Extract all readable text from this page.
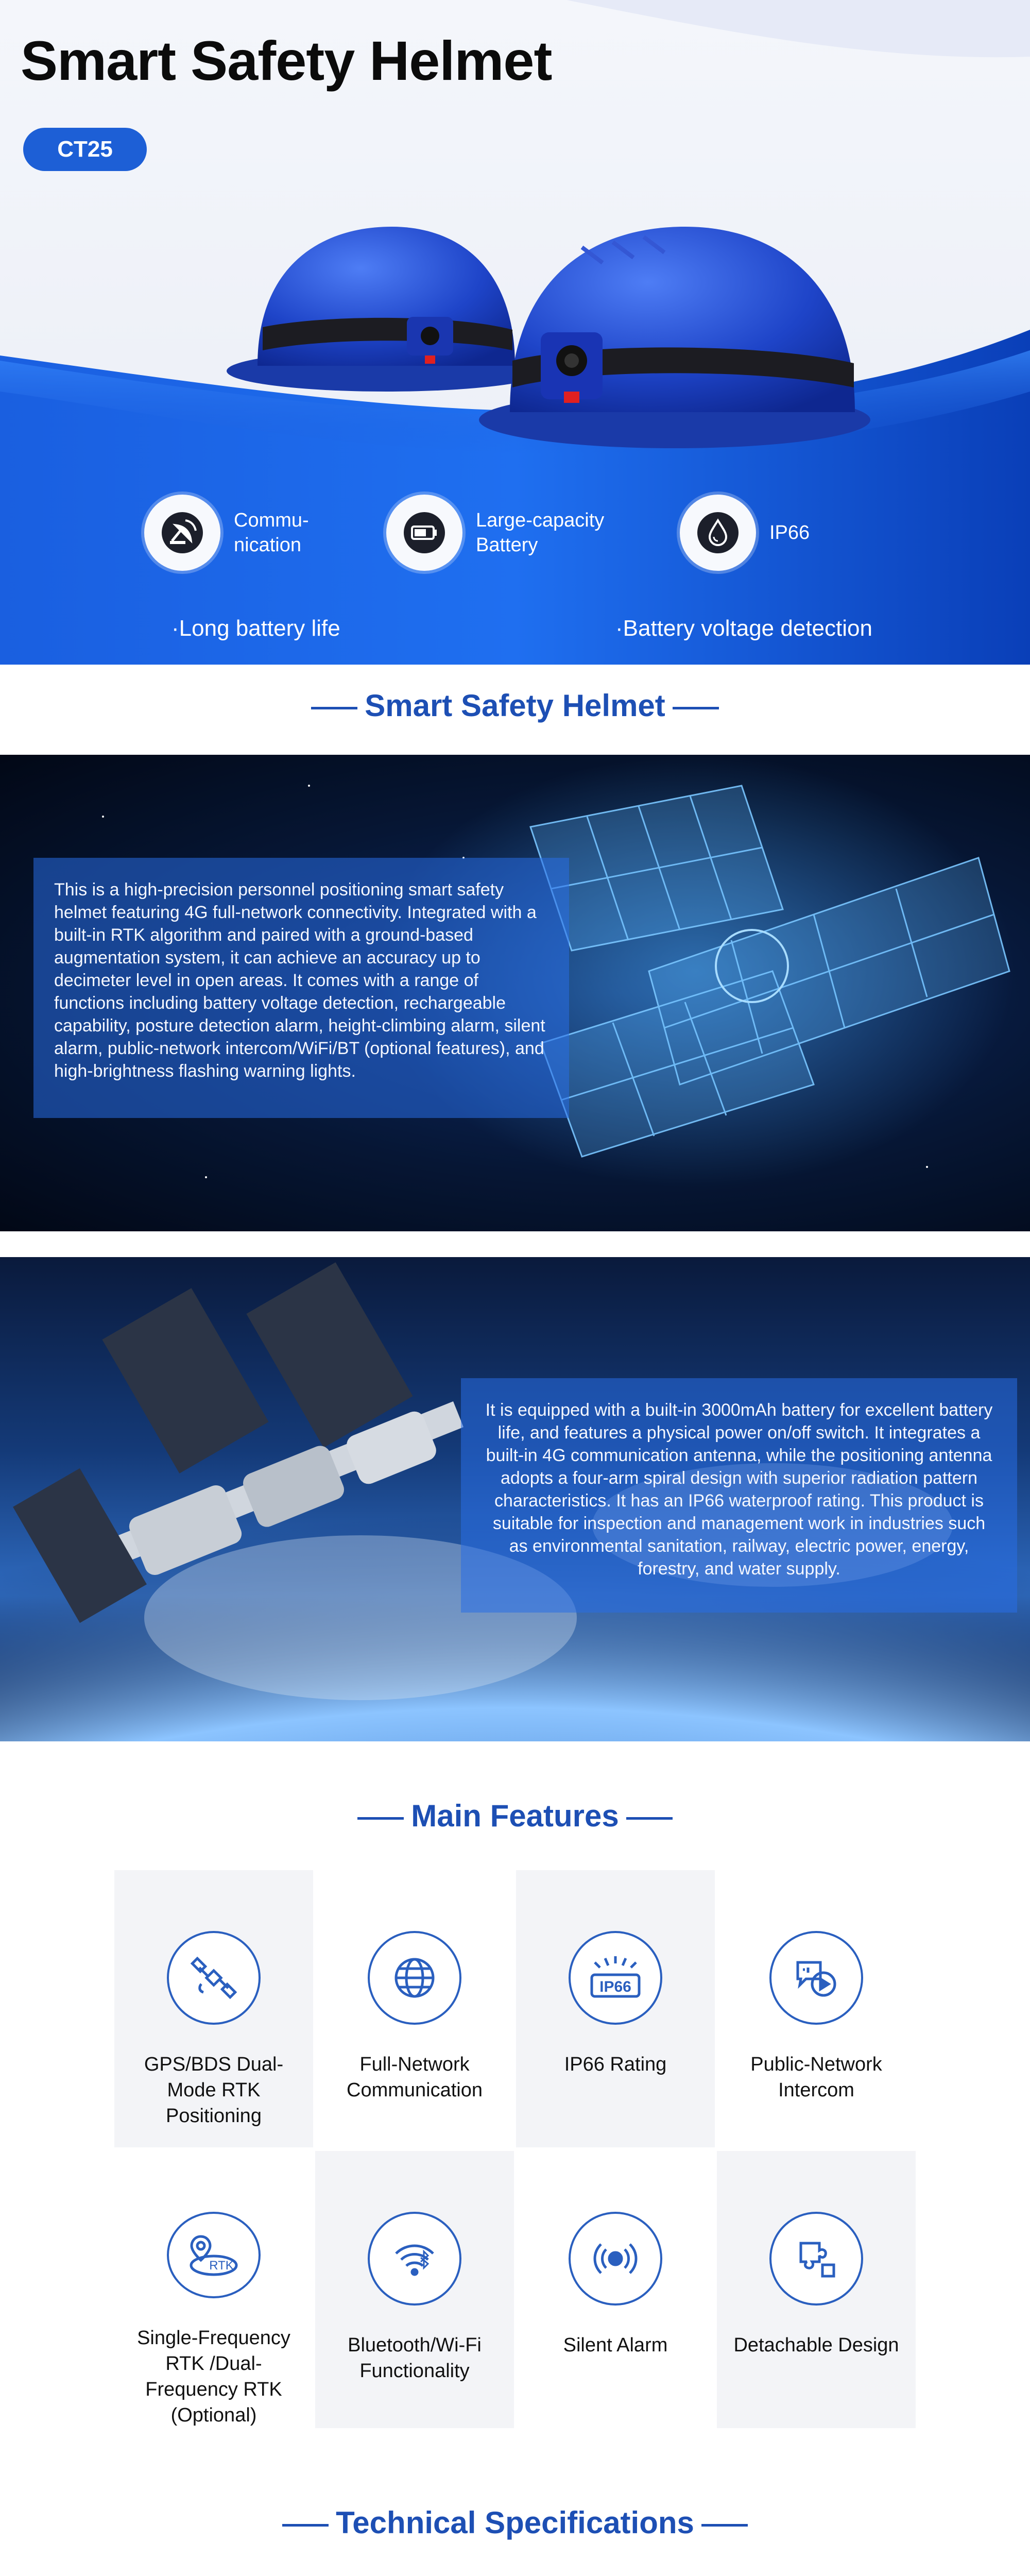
Smart Safety Helmet
CT25
Commu-
nication
Large-capacity
Battery
IP66
·Long battery life	·Battery voltage detection
Smart Safety Helmet
This is a high-precision personnel positioning smart safety helmet featuring 4G full-network connectivity. Integrated with a built-in RTK algorithm and paired with a ground-based augmentation system, it can achieve an accuracy up to decimeter level in open areas. It comes with a range of functions including battery voltage detection, rechargeable capability, posture detection alarm, height-climbing alarm, silent alarm, public-network intercom/WiFi/BT (optional features), and high-brightness flashing warning lights.
It is equipped with a built-in 3000mAh battery for excellent battery life, and features a physical power on/off switch. It integrates a built-in 4G communication antenna, while the positioning antenna adopts a four-arm spiral design with superior radiation pattern characteristics. It has an IP66 waterproof rating. This product is suitable for inspection and management work in industries such as environmental sanitation, railway, electric power, energy, forestry, and water supply.
Main Features
GPS/BDS Dual-Mode RTK Positioning
Full-Network Communication
IP66
IP66 Rating	Public-Network Intercom
RTK
Single-Frequency RTK /Dual-Frequency RTK (Optional)
Bluetooth/Wi-Fi Functionality
Silent Alarm	Detachable Design
Technical Specifications
